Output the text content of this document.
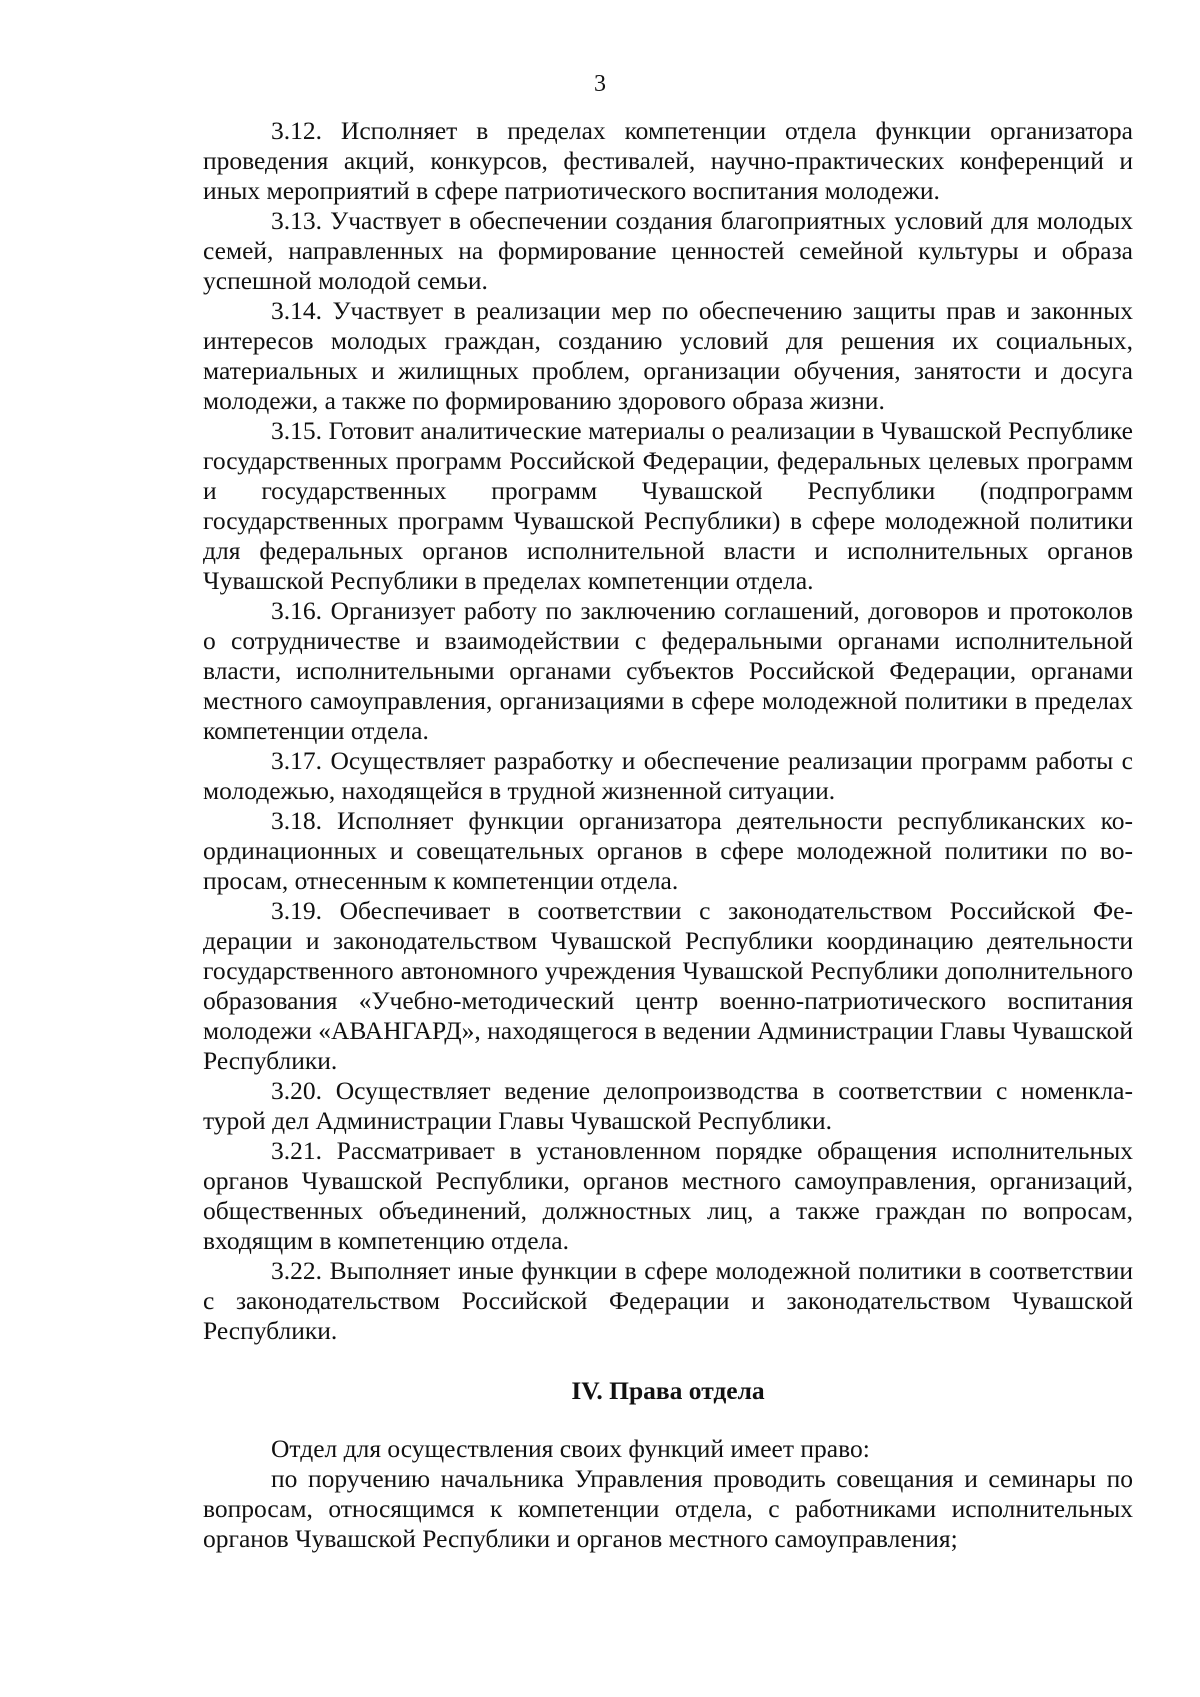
3

3.12. Исполняет в пределах компетенции отдела функции организатора проведения акций, конкурсов, фестивалей, научно-практических конференций и иных мероприятий в сфере патриотического воспитания молодежи.

3.13. Участвует в обеспечении создания благоприятных условий для молодых семей, направленных на формирование ценностей семейной культуры и образа успешной молодой семьи.

3.14. Участвует в реализации мер по обеспечению защиты прав и законных интересов молодых граждан, созданию условий для решения их социальных, материальных и жилищных проблем, организации обучения, занятости и досуга молодежи, а также по формированию здорового образа жизни.

3.15. Готовит аналитические материалы о реализации в Чувашской Республике государственных программ Российской Федерации, федеральных целевых программ и государственных программ Чувашской Республики (подпрограмм государственных программ Чувашской Республики) в сфере молодежной политики для федеральных органов исполнительной власти и исполнительных органов Чувашской Республики в пределах компетенции отдела.

3.16. Организует работу по заключению соглашений, договоров и протоколов о сотрудничестве и взаимодействии с федеральными органами исполнительной власти, исполнительными органами субъектов Российской Федерации, органами местного самоуправления, организациями в сфере молодежной политики в пределах компетенции отдела.

3.17. Осуществляет разработку и обеспечение реализации программ работы с молодежью, находящейся в трудной жизненной ситуации.

3.18. Исполняет функции организатора деятельности республиканских координационных и совещательных органов в сфере молодежной политики по вопросам, отнесенным к компетенции отдела.

3.19. Обеспечивает в соответствии с законодательством Российской Федерации и законодательством Чувашской Республики координацию деятельности государственного автономного учреждения Чувашской Республики дополнительного образования «Учебно-методический центр военно-патриотического воспитания молодежи «АВАНГАРД», находящегося в ведении Администрации Главы Чувашской Республики.

3.20. Осуществляет ведение делопроизводства в соответствии с номенклатурой дел Администрации Главы Чувашской Республики.

3.21. Рассматривает в установленном порядке обращения исполнительных органов Чувашской Республики, органов местного самоуправления, организаций, общественных объединений, должностных лиц, а также граждан по вопросам, входящим в компетенцию отдела.

3.22. Выполняет иные функции в сфере молодежной политики в соответствии с законодательством Российской Федерации и законодательством Чувашской Республики.

IV. Права отдела

Отдел для осуществления своих функций имеет право:

по поручению начальника Управления проводить совещания и семинары по вопросам, относящимся к компетенции отдела, с работниками исполнительных органов Чувашской Республики и органов местного самоуправления;
